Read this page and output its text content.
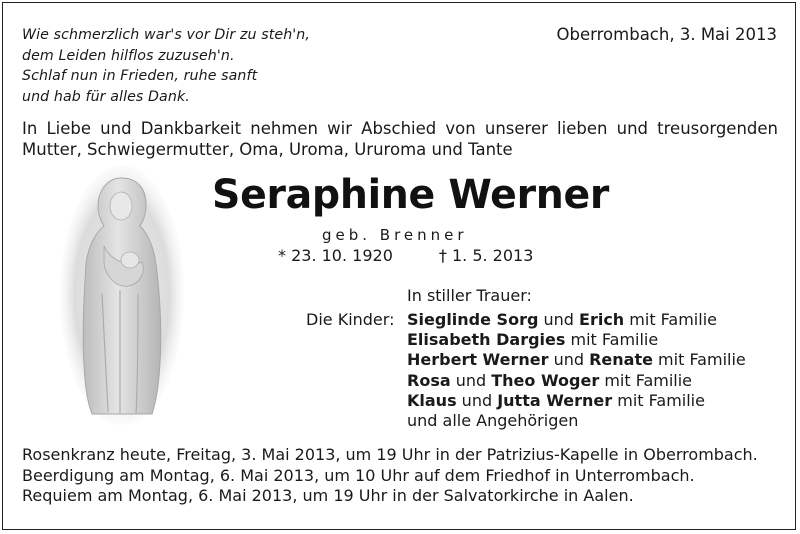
Wie schmerzlich war's vor Dir zu steh'n,
dem Leiden hilflos zuzuseh'n.
Schlaf nun in Frieden, ruhe sanft
und hab für alles Dank.
Oberrombach, 3. Mai 2013
In Liebe und Dankbarkeit nehmen wir Abschied von unserer lieben und treusorgenden
Mutter, Schwiegermutter, Oma, Uroma, Ururoma und Tante
Seraphine Werner
geb. Brenner
* 23. 10. 1920	† 1. 5. 2013
In stiller Trauer:
Die Kinder: Sieglinde Sorg und Erich mit Familie
Elisabeth Dargies mit Familie
Herbert Werner und Renate mit Familie
Rosa und Theo Woger mit Familie
Klaus und Jutta Werner mit Familie
und alle Angehörigen
Rosenkranz heute, Freitag, 3. Mai 2013, um 19 Uhr in der Patrizius-Kapelle in Oberrombach.
Beerdigung am Montag, 6. Mai 2013, um 10 Uhr auf dem Friedhof in Unterrombach.
Requiem am Montag, 6. Mai 2013, um 19 Uhr in der Salvatorkirche in Aalen.
